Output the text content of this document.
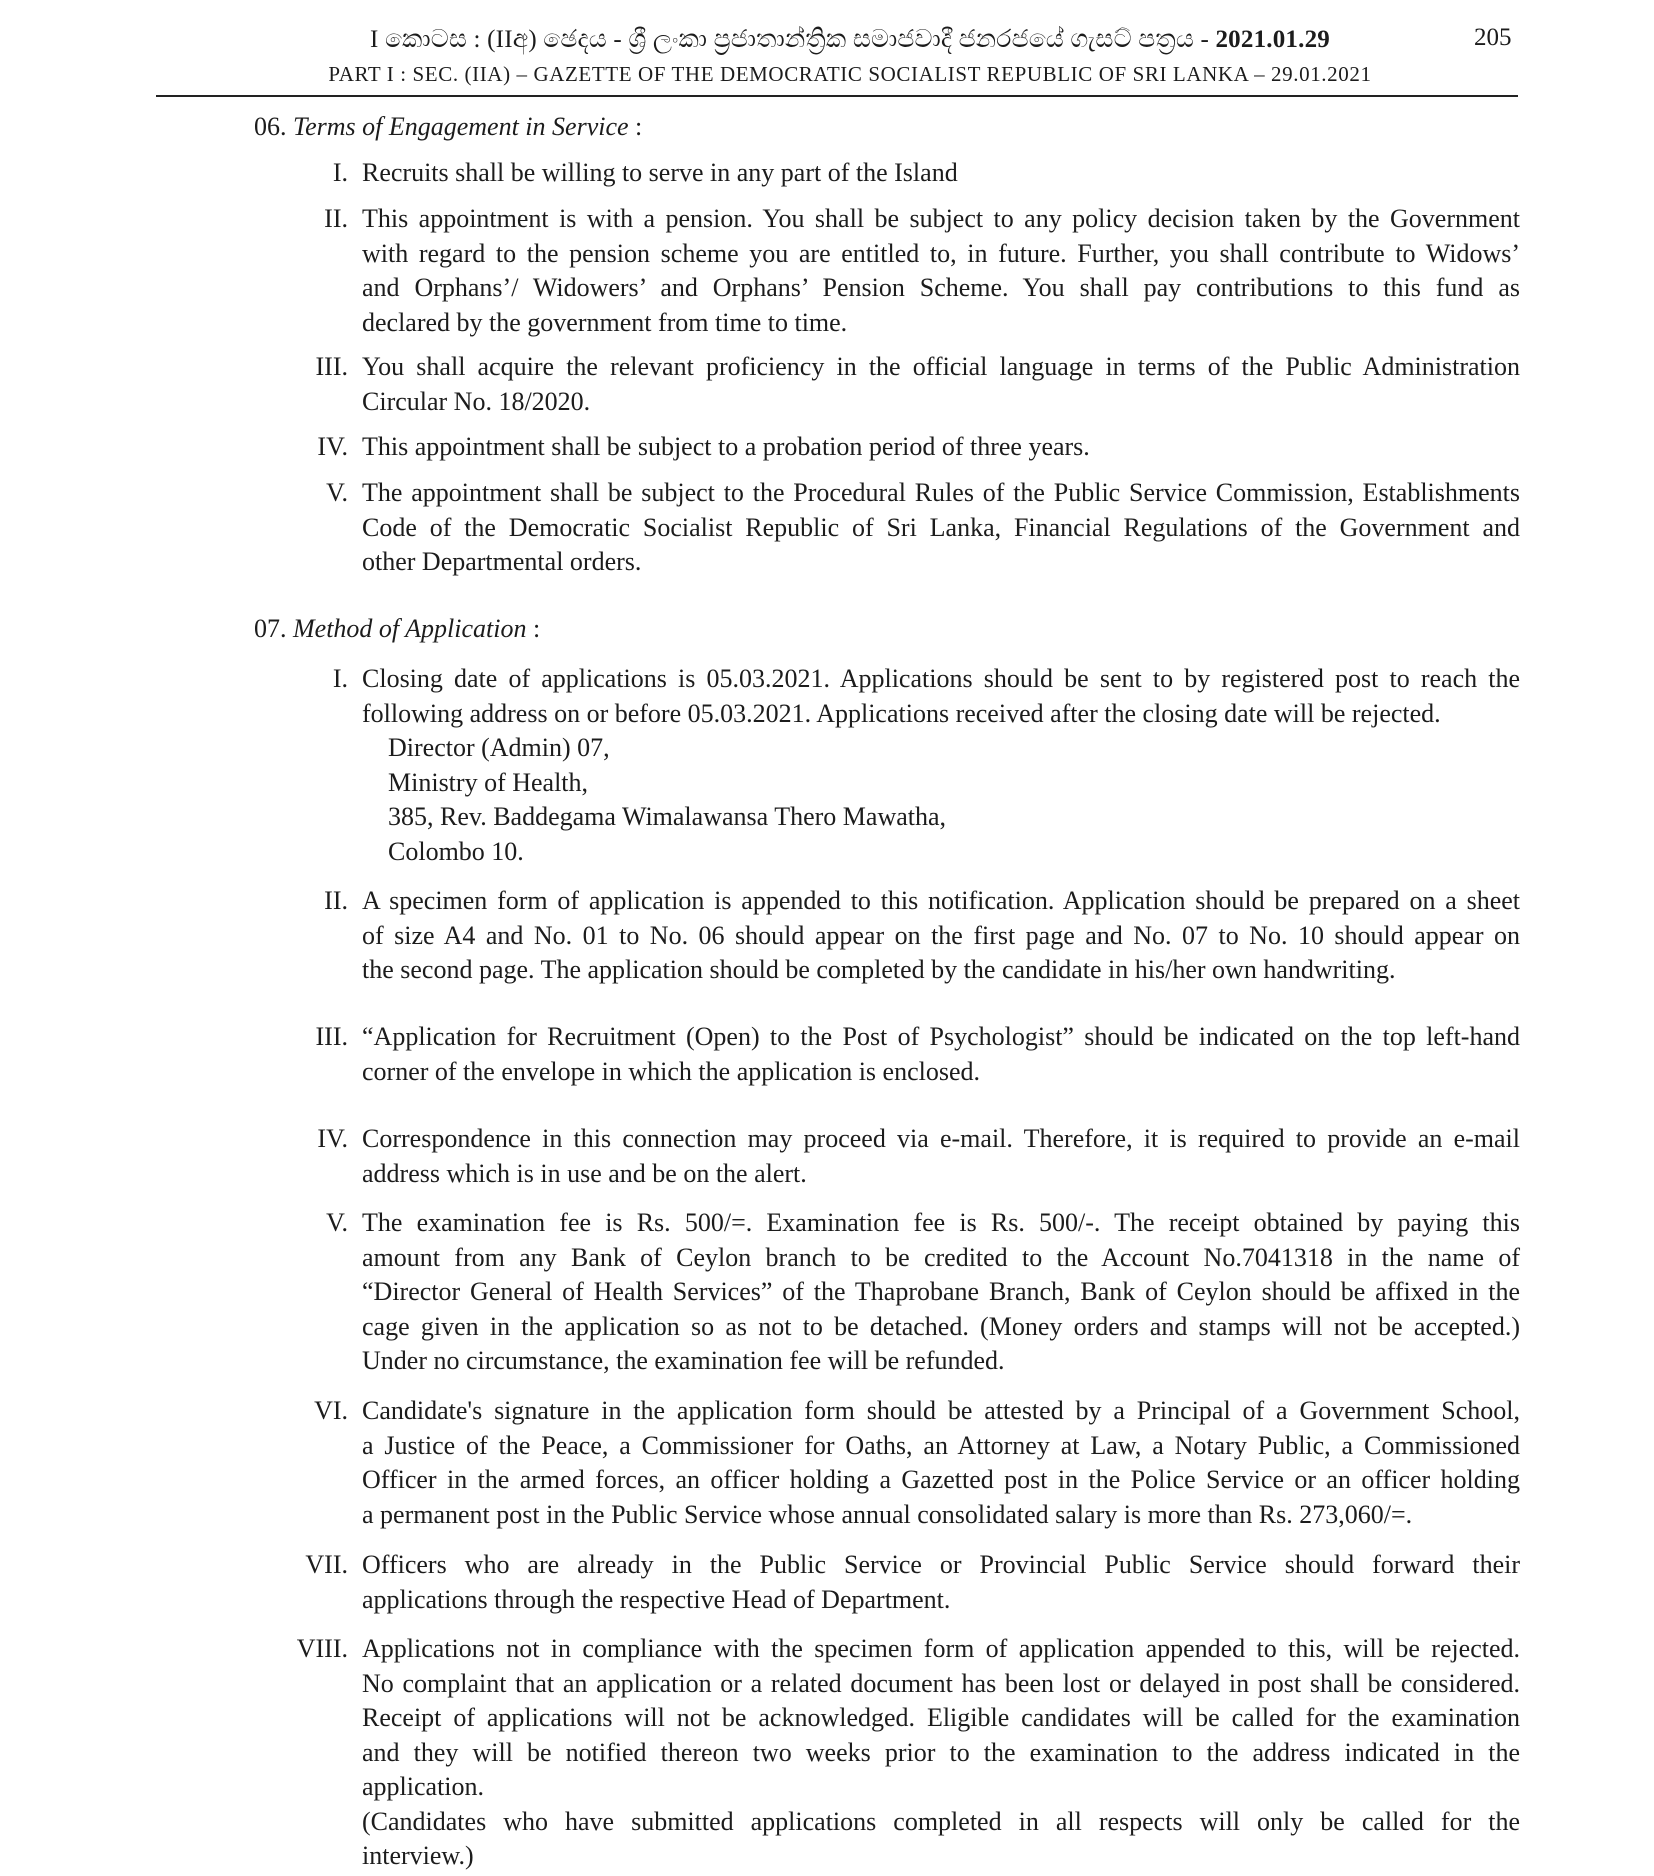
I කොටස : (IIඅ) ඡෙදය - ශ්‍රී ලංකා ප්‍රජාතාන්ත්‍රික සමාජවාදී ජනරජයේ ගැසට් පත්‍රය - 2021.01.29
PART I : SEC. (IIA) – GAZETTE OF THE DEMOCRATIC SOCIALIST REPUBLIC OF SRI LANKA – 29.01.2021
205
06. Terms of Engagement in Service :
I. Recruits shall be willing to serve in any part of the Island
II. This appointment is with a pension. You shall be subject to any policy decision taken by the Government
with regard to the pension scheme you are entitled to, in future. Further, you shall contribute to Widows’
and Orphans’/ Widowers’ and Orphans’ Pension Scheme. You shall pay contributions to this fund as
declared by the government from time to time.
III. You shall acquire the relevant proficiency in the official language in terms of the Public Administration
Circular No. 18/2020.
IV. This appointment shall be subject to a probation period of three years.
V. The appointment shall be subject to the Procedural Rules of the Public Service Commission, Establishments
Code of the Democratic Socialist Republic of Sri Lanka, Financial Regulations of the Government and
other Departmental orders.
07. Method of Application :
I. Closing date of applications is 05.03.2021. Applications should be sent to by registered post to reach the
following address on or before 05.03.2021. Applications received after the closing date will be rejected.
Director (Admin) 07,
Ministry of Health,
385, Rev. Baddegama Wimalawansa Thero Mawatha,
Colombo 10.
II. A specimen form of application is appended to this notification. Application should be prepared on a sheet
of size A4 and No. 01 to No. 06 should appear on the first page and No. 07 to No. 10 should appear on
the second page. The application should be completed by the candidate in his/her own handwriting.
III. “Application for Recruitment (Open) to the Post of Psychologist” should be indicated on the top left-hand
corner of the envelope in which the application is enclosed.
IV. Correspondence in this connection may proceed via e-mail. Therefore, it is required to provide an e-mail
address which is in use and be on the alert.
V. The examination fee is Rs. 500/=. Examination fee is Rs. 500/-. The receipt obtained by paying this
amount from any Bank of Ceylon branch to be credited to the Account No.7041318 in the name of
“Director General of Health Services” of the Thaprobane Branch, Bank of Ceylon should be affixed in the
cage given in the application so as not to be detached. (Money orders and stamps will not be accepted.)
Under no circumstance, the examination fee will be refunded.
VI. Candidate's signature in the application form should be attested by a Principal of a Government School,
a Justice of the Peace, a Commissioner for Oaths, an Attorney at Law, a Notary Public, a Commissioned
Officer in the armed forces, an officer holding a Gazetted post in the Police Service or an officer holding
a permanent post in the Public Service whose annual consolidated salary is more than Rs. 273,060/=.
VII. Officers who are already in the Public Service or Provincial Public Service should forward their
applications through the respective Head of Department.
VIII. Applications not in compliance with the specimen form of application appended to this, will be rejected.
No complaint that an application or a related document has been lost or delayed in post shall be considered.
Receipt of applications will not be acknowledged. Eligible candidates will be called for the examination
and they will be notified thereon two weeks prior to the examination to the address indicated in the
application.
(Candidates who have submitted applications completed in all respects will only be called for the
interview.)
